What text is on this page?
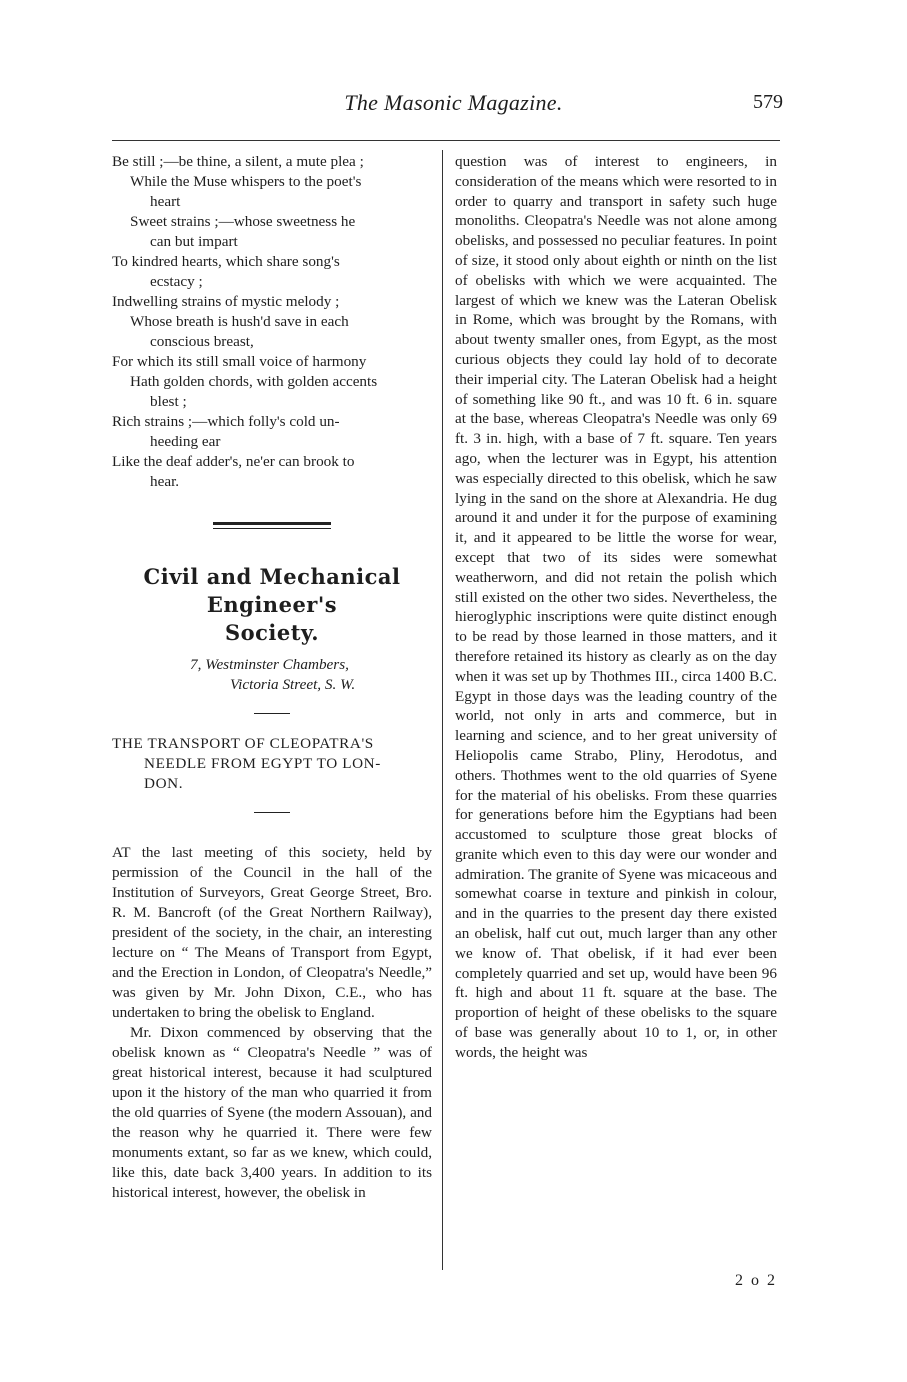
The Masonic Magazine.	579

Be still ;—be thine, a silent, a mute plea ;

While the Muse whispers to the poet's

heart

Sweet strains ;—whose sweetness he

can but impart

To kindred hearts, which share song's

ecstacy ;

Indwelling strains of mystic melody ;

Whose breath is hush'd save in each

conscious breast,

For which its still small voice of harmony

Hath golden chords, with golden accents

blest ;

Rich strains ;—which folly's cold un-

heeding ear

Like the deaf adder's, ne'er can brook to

hear.

Civil and Mechanical Engineer's
Society.
7, Westminster Chambers,
Victoria Street, S. W.
THE TRANSPORT OF CLEOPATRA'S

NEEDLE FROM EGYPT TO LON-
DON.

AT the last meeting of this society, held by permission of the Council in the hall of the Institution of Surveyors, Great George Street, Bro. R. M. Bancroft (of the Great Northern Railway), president of the society, in the chair, an interesting lecture on “ The Means of Transport from Egypt, and the Erection in London, of Cleopatra's Needle,” was given by Mr. John Dixon, C.E., who has undertaken to bring the obelisk to England.

Mr. Dixon commenced by observing that the obelisk known as “ Cleopatra's Needle ” was of great historical interest, because it had sculptured upon it the history of the man who quarried it from the old quarries of Syene (the modern Assouan), and the reason why he quarried it. There were few monuments extant, so far as we knew, which could, like this, date back 3,400 years. In addition to its historical interest, however, the obelisk in

question was of interest to engineers, in consideration of the means which were resorted to in order to quarry and transport in safety such huge monoliths. Cleopatra's Needle was not alone among obelisks, and possessed no peculiar features. In point of size, it stood only about eighth or ninth on the list of obelisks with which we were acquainted. The largest of which we knew was the Lateran Obelisk in Rome, which was brought by the Romans, with about twenty smaller ones, from Egypt, as the most curious objects they could lay hold of to decorate their imperial city. The Lateran Obelisk had a height of something like 90 ft., and was 10 ft. 6 in. square at the base, whereas Cleopatra's Needle was only 69 ft. 3 in. high, with a base of 7 ft. square. Ten years ago, when the lecturer was in Egypt, his attention was especially directed to this obelisk, which he saw lying in the sand on the shore at Alexandria. He dug around it and under it for the purpose of examining it, and it appeared to be little the worse for wear, except that two of its sides were somewhat weatherworn, and did not retain the polish which still existed on the other two sides. Nevertheless, the hieroglyphic inscriptions were quite distinct enough to be read by those learned in those matters, and it therefore retained its history as clearly as on the day when it was set up by Thothmes III., circa 1400 B.C. Egypt in those days was the leading country of the world, not only in arts and commerce, but in learning and science, and to her great university of Heliopolis came Strabo, Pliny, Herodotus, and others. Thothmes went to the old quarries of Syene for the material of his obelisks. From these quarries for generations before him the Egyptians had been accustomed to sculpture those great blocks of granite which even to this day were our wonder and admiration. The granite of Syene was micaceous and somewhat coarse in texture and pinkish in colour, and in the quarries to the present day there existed an obelisk, half cut out, much larger than any other we know of. That obelisk, if it had ever been completely quarried and set up, would have been 96 ft. high and about 11 ft. square at the base. The proportion of height of these obelisks to the square of base was generally about 10 to 1, or, in other words, the height was

2 o 2
